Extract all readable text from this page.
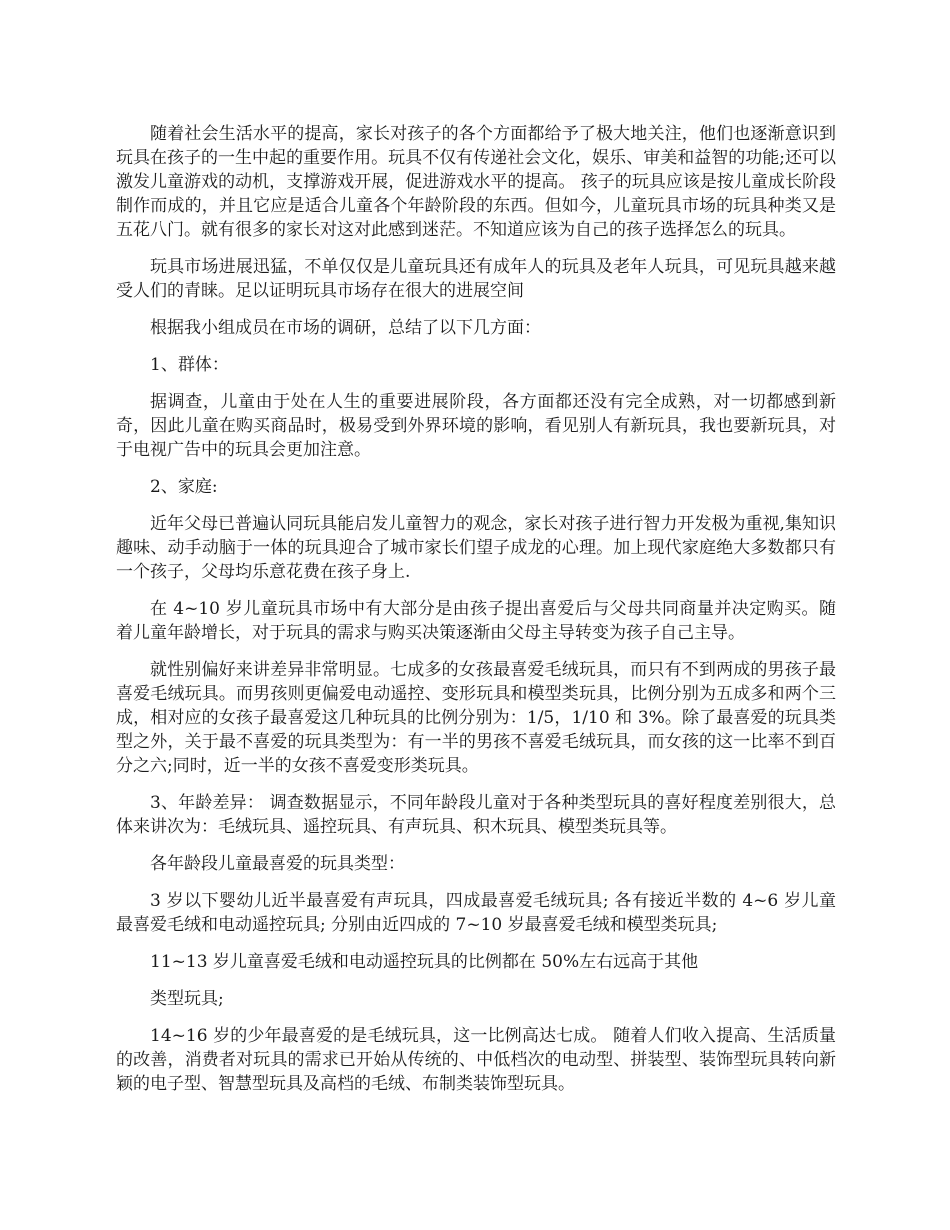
随着社会生活水平的提高，家长对孩子的各个方面都给予了极大地关注，他们也逐渐意识到玩具在孩子的一生中起的重要作用。玩具不仅有传递社会文化，娱乐、审美和益智的功能;还可以激发儿童游戏的动机，支撑游戏开展，促进游戏水平的提高。 孩子的玩具应该是按儿童成长阶段制作而成的，并且它应是适合儿童各个年龄阶段的东西。但如今，儿童玩具市场的玩具种类又是五花八门。就有很多的家长对这对此感到迷茫。不知道应该为自己的孩子选择怎么的玩具。

玩具市场进展迅猛，不单仅仅是儿童玩具还有成年人的玩具及老年人玩具，可见玩具越来越受人们的青睐。足以证明玩具市场存在很大的进展空间

根据我小组成员在市场的调研，总结了以下几方面：

1、群体：

据调查，儿童由于处在人生的重要进展阶段，各方面都还没有完全成熟，对一切都感到新奇，因此儿童在购买商品时，极易受到外界环境的影响，看见别人有新玩具，我也要新玩具，对于电视广告中的玩具会更加注意。

2、家庭:

近年父母已普遍认同玩具能启发儿童智力的观念，家长对孩子进行智力开发极为重视,集知识趣味、动手动脑于一体的玩具迎合了城市家长们望子成龙的心理。加上现代家庭绝大多数都只有一个孩子，父母均乐意花费在孩子身上.

在 4~10 岁儿童玩具市场中有大部分是由孩子提出喜爱后与父母共同商量并决定购买。随着儿童年龄增长，对于玩具的需求与购买决策逐渐由父母主导转变为孩子自己主导。

就性别偏好来讲差异非常明显。七成多的女孩最喜爱毛绒玩具，而只有不到两成的男孩子最喜爱毛绒玩具。而男孩则更偏爱电动遥控、变形玩具和模型类玩具，比例分别为五成多和两个三成，相对应的女孩子最喜爱这几种玩具的比例分别为：1/5，1/10 和 3%。除了最喜爱的玩具类型之外，关于最不喜爱的玩具类型为：有一半的男孩不喜爱毛绒玩具，而女孩的这一比率不到百分之六;同时，近一半的女孩不喜爱变形类玩具。

3、年龄差异： 调查数据显示，不同年龄段儿童对于各种类型玩具的喜好程度差别很大，总体来讲次为：毛绒玩具、遥控玩具、有声玩具、积木玩具、模型类玩具等。

各年龄段儿童最喜爱的玩具类型：

3 岁以下婴幼儿近半最喜爱有声玩具，四成最喜爱毛绒玩具; 各有接近半数的 4~6 岁儿童最喜爱毛绒和电动遥控玩具; 分别由近四成的 7~10 岁最喜爱毛绒和模型类玩具;

11~13 岁儿童喜爱毛绒和电动遥控玩具的比例都在 50%左右远高于其他

类型玩具;

14~16 岁的少年最喜爱的是毛绒玩具，这一比例高达七成。 随着人们收入提高、生活质量的改善，消费者对玩具的需求已开始从传统的、中低档次的电动型、拼装型、装饰型玩具转向新颖的电子型、智慧型玩具及高档的毛绒、布制类装饰型玩具。
